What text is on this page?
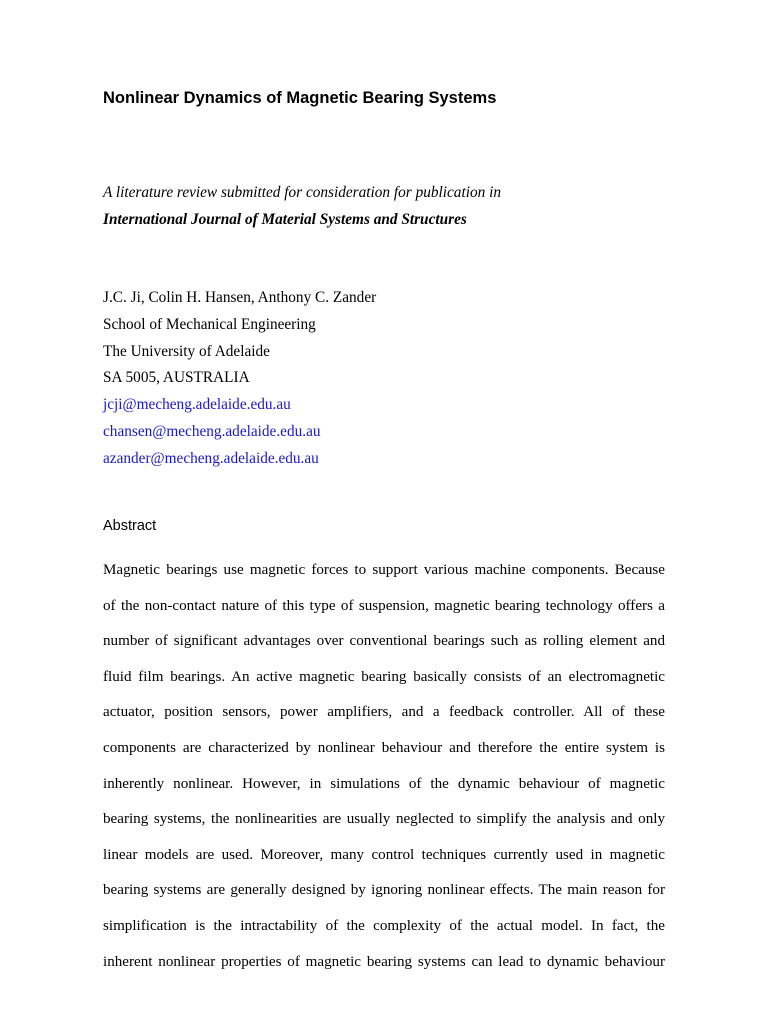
Nonlinear Dynamics of Magnetic Bearing Systems
A literature review submitted for consideration for publication in
International Journal of Material Systems and Structures
J.C. Ji, Colin H. Hansen, Anthony C. Zander
School of Mechanical Engineering
The University of Adelaide
SA 5005, AUSTRALIA
jcji@mecheng.adelaide.edu.au
chansen@mecheng.adelaide.edu.au
azander@mecheng.adelaide.edu.au
Abstract
Magnetic bearings use magnetic forces to support various machine components. Because
of the non-contact nature of this type of suspension, magnetic bearing technology offers a
number of significant advantages over conventional bearings such as rolling element and
fluid film bearings. An active magnetic bearing basically consists of an electromagnetic
actuator, position sensors, power amplifiers, and a feedback controller. All of these
components are characterized by nonlinear behaviour and therefore the entire system is
inherently nonlinear. However, in simulations of the dynamic behaviour of magnetic
bearing systems, the nonlinearities are usually neglected to simplify the analysis and only
linear models are used. Moreover, many control techniques currently used in magnetic
bearing systems are generally designed by ignoring nonlinear effects. The main reason for
simplification is the intractability of the complexity of the actual model. In fact, the
inherent nonlinear properties of magnetic bearing systems can lead to dynamic behaviour
